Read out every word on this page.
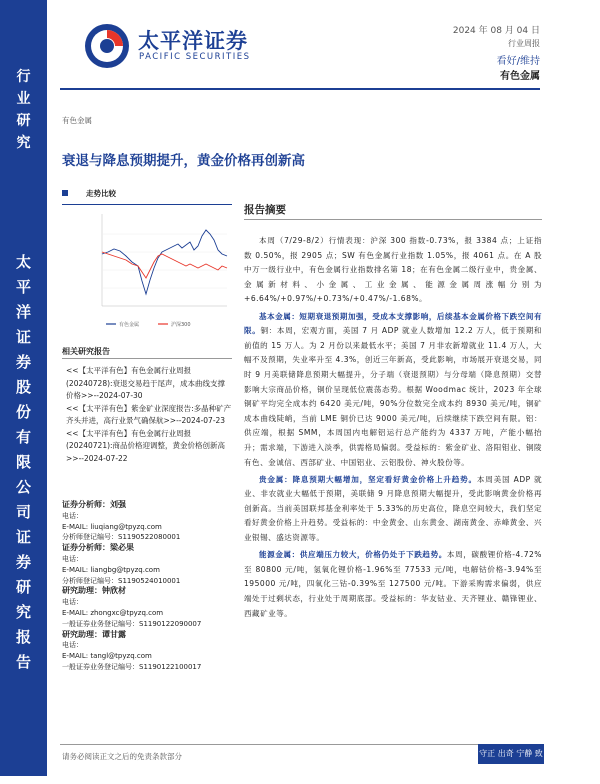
行
业
研
究
太
平
洋
证
券
股
份
有
限
公
司
证
券
研
究
报
告
太平洋证券
PACIFIC SECURITIES
2024 年 08 月 04 日
行业周报
看好/维持
有色金属
有色金属
衰退与降息预期提升，黄金价格再创新高
走势比较
有色金属	沪深300
相关研究报告
<<【太平洋有色】有色金属行业周报(20240728):衰退交易趋于尾声，成本曲线支撑价格>>--2024-07-30
<<【太平洋有色】紫金矿业深度报告:多晶种矿产齐头并进，高行业景气确保航>>--2024-07-23
<<【太平洋有色】有色金属行业周报(20240721):商品价格迎调整，黄金价格创新高>>--2024-07-22
证券分析师：刘强
电话：
E-MAIL: liuqiang@tpyzq.com
分析师登记编号：S1190522080001
证券分析师：梁必果
电话：
E-MAIL: liangbg@tpyzq.com
分析师登记编号：S1190524010001
研究助理：钟欣材
电话：
E-MAIL: zhongxc@tpyzq.com
一般证券业务登记编号：S1190122090007
研究助理：谭甘露
电话：
E-MAIL: tangl@tpyzq.com
一般证券业务登记编号：S1190122100017
报告摘要

本周（7/29-8/2）行情表现：沪深 300 指数-0.73%，报 3384 点；上证指数 0.50%，报 2905 点；SW 有色金属行业指数 1.05%，报 4061 点。在 A 股中万一级行业中，有色金属行业指数排名第 18；在有色金属二级行业中，贵金属、金属新材料、小金属、工业金属、能源金属周涨幅分别为+6.64%/+0.97%/+0.73%/+0.47%/-1.68%。

基本金属：短期衰退预期加强，受成本支撑影响，后续基本金属价格下跌空间有限。铜：本周，宏观方面，美国 7 月 ADP 就业人数增加 12.2 万人，低于预期和前值的 15 万人。为 2 月份以来最低水平；美国 7 月非农新增就业 11.4 万人，大幅不及预期，失业率升至 4.3%，创近三年新高，受此影响，市场展开衰退交易，同时 9 月美联储降息预期大幅提升，分子端（衰退预期）与分母端（降息预期）交替影响大宗商品价格，铜价呈现低位震荡态势。根据 Woodmac 统计，2023 年全球铜矿平均完全成本约 6420 美元/吨，90%分位数完全成本约 8930 美元/吨，铜矿成本曲线陡峭，当前 LME 铜价已达 9000 美元/吨，后续继续下跌空间有限。铝：供应端，根据 SMM，本周国内电解铝运行总产能约为 4337 万吨，产能小幅抬升；需求端，下游进入淡季，供需格局偏弱。受益标的：紫金矿业、洛阳钼业、铜陵有色、金诚信、西部矿业、中国铝业、云铝股份、神火股份等。

贵金属：降息预期大幅增加，坚定看好黄金价格上升趋势。本周美国 ADP 就业、非农就业大幅低于预期，美联储 9 月降息预期大幅提升，受此影响黄金价格再创新高。当前美国联邦基金利率处于 5.33%的历史高位，降息空间较大，我们坚定看好黄金价格上升趋势。受益标的：中金黄金、山东黄金、湖南黄金、赤峰黄金、兴业银锡、盛达资源等。

能源金属：供应端压力较大，价格仍处于下跌趋势。本周，碳酸锂价格-4.72%至 80800 元/吨，氢氧化锂价格-1.96%至 77533 元/吨，电解钴价格-3.94%至 195000 元/吨，四氧化三钴-0.39%至 127500 元/吨。下游采购需求偏弱，供应端处于过剩状态，行业处于周期底部。受益标的：华友钴业、天齐锂业、赣锋锂业、西藏矿业等。

请务必阅读正文之后的免责条款部分	守正 出奇 宁静 致远
